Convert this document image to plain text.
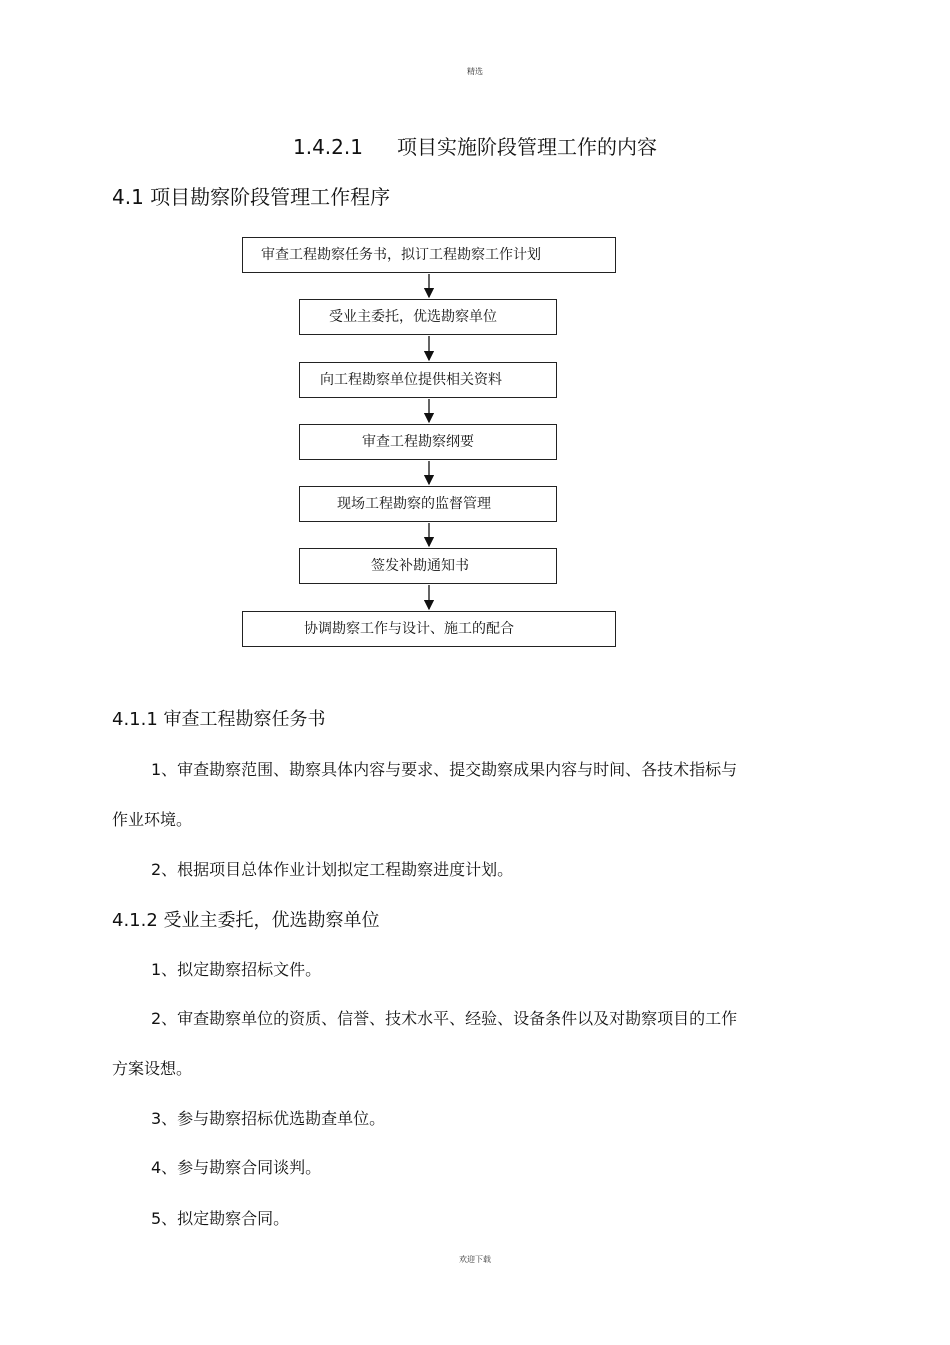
精选
1.4.2.1 项目实施阶段管理工作的内容
4.1 项目勘察阶段管理工作程序
审查工程勘察任务书，拟订工程勘察工作计划
受业主委托，优选勘察单位
向工程勘察单位提供相关资料
审查工程勘察纲要
现场工程勘察的监督管理
签发补勘通知书
协调勘察工作与设计、施工的配合
4.1.1 审查工程勘察任务书
1、审查勘察范围、勘察具体内容与要求、提交勘察成果内容与时间、各技术指标与
作业环境。
2、根据项目总体作业计划拟定工程勘察进度计划。
4.1.2 受业主委托，优选勘察单位
1、拟定勘察招标文件。
2、审查勘察单位的资质、信誉、技术水平、经验、设备条件以及对勘察项目的工作
方案设想。
3、参与勘察招标优选勘查单位。
4、参与勘察合同谈判。
5、拟定勘察合同。
欢迎下载
